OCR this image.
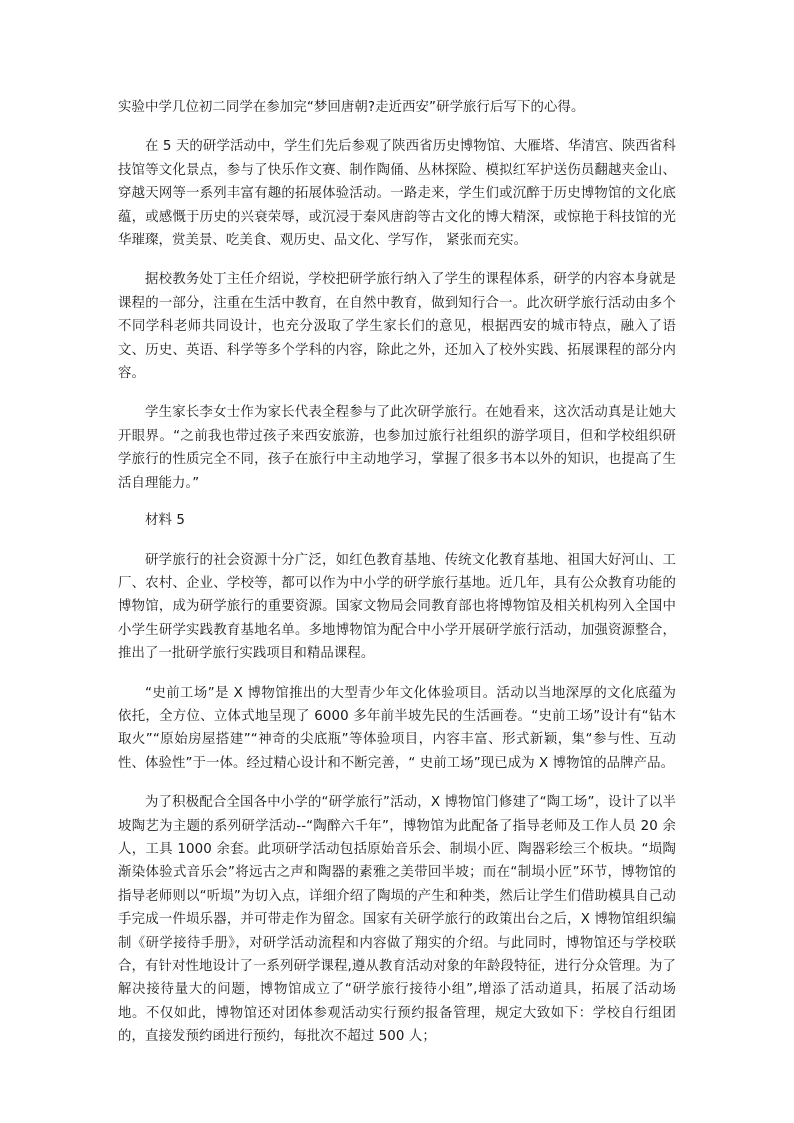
实验中学几位初二同学在参加完“梦回唐朝?走近西安”研学旅行后写下的心得。

在 5 天的研学活动中，学生们先后参观了陕西省历史博物馆、大雁塔、华清宫、陕西省科技馆等文化景点，参与了快乐作文赛、制作陶俑、丛林探险、模拟红军护送伤员翻越夹金山、穿越天网等一系列丰富有趣的拓展体验活动。一路走来，学生们或沉醉于历史博物馆的文化底蕴，或感慨于历史的兴衰荣辱，或沉浸于秦风唐韵等古文化的博大精深，或惊艳于科技馆的光华璀璨，赏美景、吃美食、观历史、品文化、学写作， 紧张而充实。

据校教务处丁主任介绍说，学校把研学旅行纳入了学生的课程体系，研学的内容本身就是课程的一部分，注重在生活中教育，在自然中教育，做到知行合一。此次研学旅行活动由多个不同学科老师共同设计，也充分汲取了学生家长们的意见，根据西安的城市特点，融入了语文、历史、英语、科学等多个学科的内容，除此之外，还加入了校外实践、拓展课程的部分内容。

学生家长李女士作为家长代表全程参与了此次研学旅行。在她看来，这次活动真是让她大开眼界。“之前我也带过孩子来西安旅游，也参加过旅行社组织的游学项目，但和学校组织研学旅行的性质完全不同，孩子在旅行中主动地学习，掌握了很多书本以外的知识，也提高了生活自理能力。”

材料 5

研学旅行的社会资源十分广泛，如红色教育基地、传统文化教育基地、祖国大好河山、工厂、农村、企业、学校等，都可以作为中小学的研学旅行基地。近几年，具有公众教育功能的博物馆，成为研学旅行的重要资源。国家文物局会同教育部也将博物馆及相关机构列入全国中小学生研学实践教育基地名单。多地博物馆为配合中小学开展研学旅行活动，加强资源整合，推出了一批研学旅行实践项目和精品课程。

“史前工场”是 X 博物馆推出的大型青少年文化体验项目。活动以当地深厚的文化底蕴为依托，全方位、立体式地呈现了 6000 多年前半坡先民的生活画卷。“史前工场”设计有“钻木取火”“原始房屋搭建”“神奇的尖底瓶”等体验项目，内容丰富、形式新颖，集“参与性、互动性、体验性”于一体。经过精心设计和不断完善，“ 史前工场”现已成为 X 博物馆的品牌产品。

为了积极配合全国各中小学的“研学旅行”活动，X 博物馆门修建了“陶工场”，设计了以半坡陶艺为主题的系列研学活动--“陶醉六千年”，博物馆为此配备了指导老师及工作人员 20 余人，工具 1000 余套。此项研学活动包括原始音乐会、制埙小匠、陶器彩绘三个板块。“埙陶渐染体验式音乐会”将远古之声和陶器的素雅之美带回半坡；而在“制埙小匠”环节，博物馆的指导老师则以“听埙”为切入点，详细介绍了陶埙的产生和种类，然后让学生们借助模具自己动手完成一件埙乐器，并可带走作为留念。国家有关研学旅行的政策出台之后，X 博物馆组织编制《研学接待手册》，对研学活动流程和内容做了翔实的介绍。与此同时，博物馆还与学校联合，有针对性地设计了一系列研学课程,遵从教育活动对象的年龄段特征，进行分众管理。为了解决接待量大的问题，博物馆成立了“研学旅行接待小组”,增添了活动道具，拓展了活动场地。不仅如此，博物馆还对团体参观活动实行预约报备管理，规定大致如下：学校自行组团的，直接发预约函进行预约，每批次不超过 500 人；
